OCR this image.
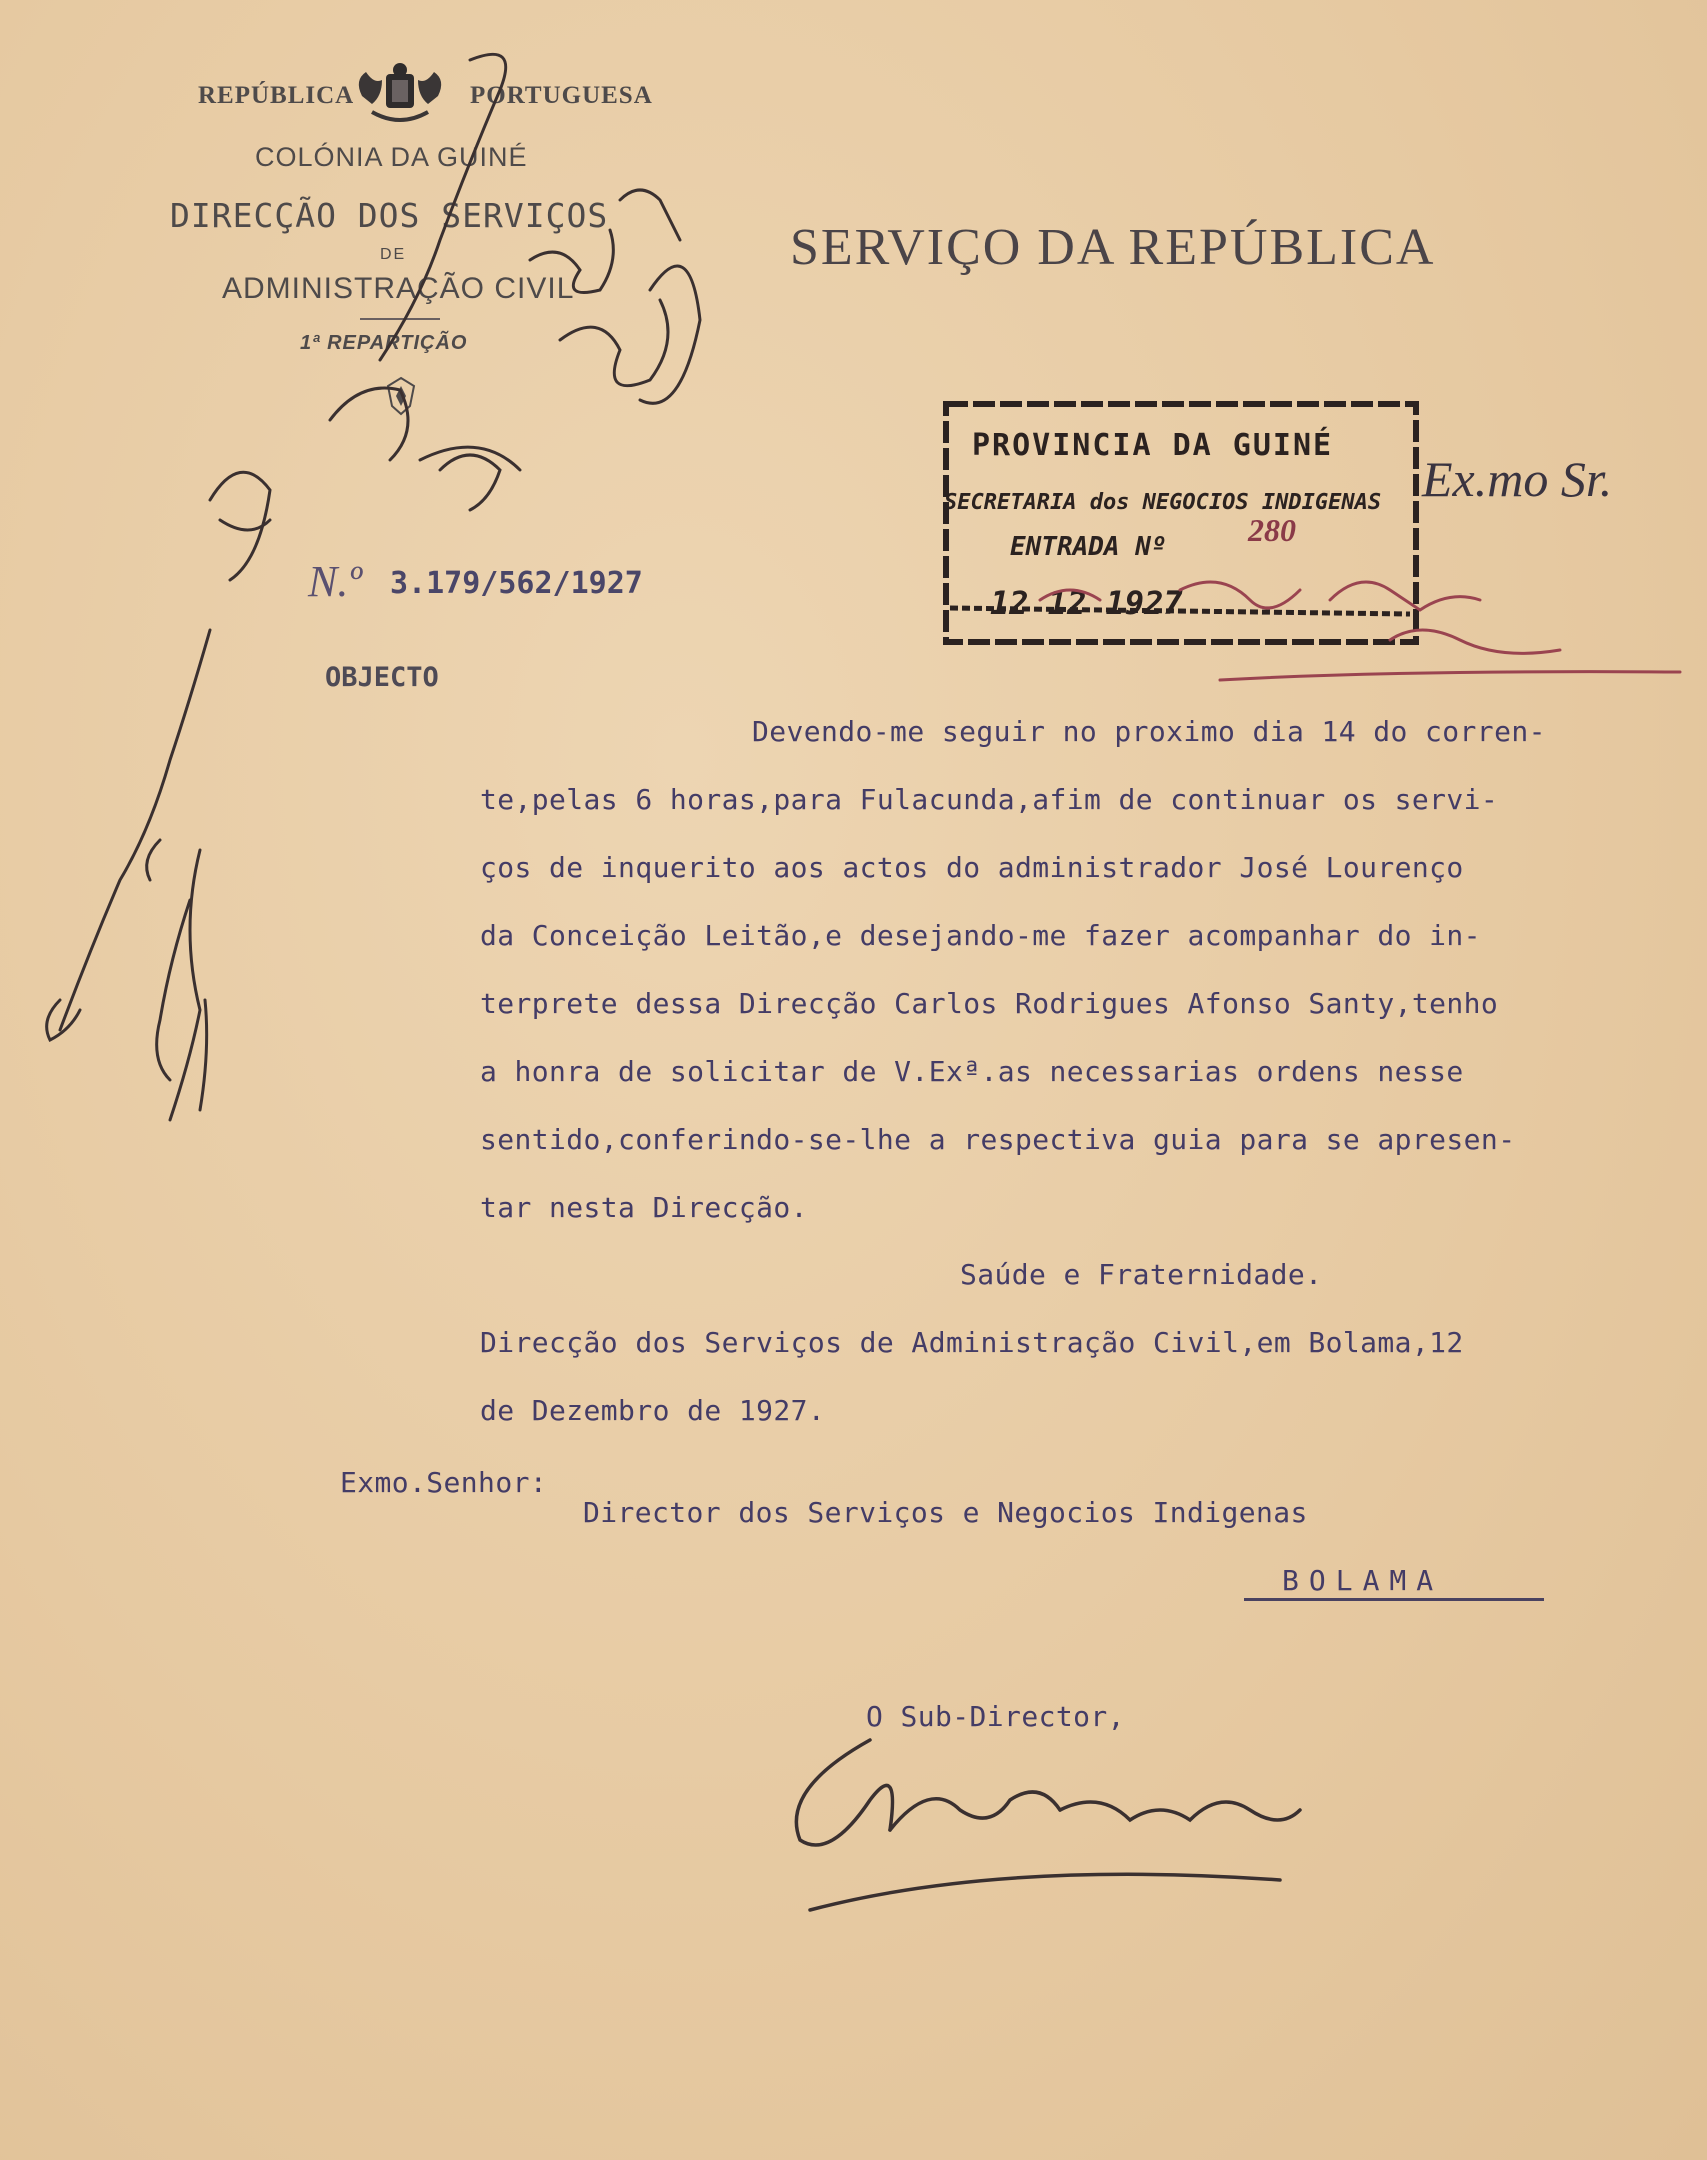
REPÚBLICA	PORTUGUESA
COLÓNIA DA GUINÉ
DIRECÇÃO DOS SERVIÇOS
DE
ADMINISTRAÇÃO CIVIL
1ª REPARTIÇÃO
SERVIÇO DA REPÚBLICA
N.º 3.179/562/1927
OBJECTO
Ex.mo Sr.
PROVINCIA DA GUINÉ
SECRETARIA dos NEGOCIOS INDIGENAS
ENTRADA Nº	280
12 12 1927
Devendo-me seguir no proximo dia 14 do corren-
te,pelas 6 horas,para Fulacunda,afim de continuar os servi-
ços de inquerito aos actos do administrador José Lourenço
da Conceição Leitão,e desejando-me fazer acompanhar do in-
terprete dessa Direcção Carlos Rodrigues Afonso Santy,tenho
a honra de solicitar de V.Exª.as necessarias ordens nesse
sentido,conferindo-se-lhe a respectiva guia para se apresen-
tar nesta Direcção.
Saúde e Fraternidade.
Direcção dos Serviços de Administração Civil,em Bolama,12
de Dezembro de 1927.
Exmo.Senhor:
Director dos Serviços e Negocios Indigenas
BOLAMA
O Sub-Director,
